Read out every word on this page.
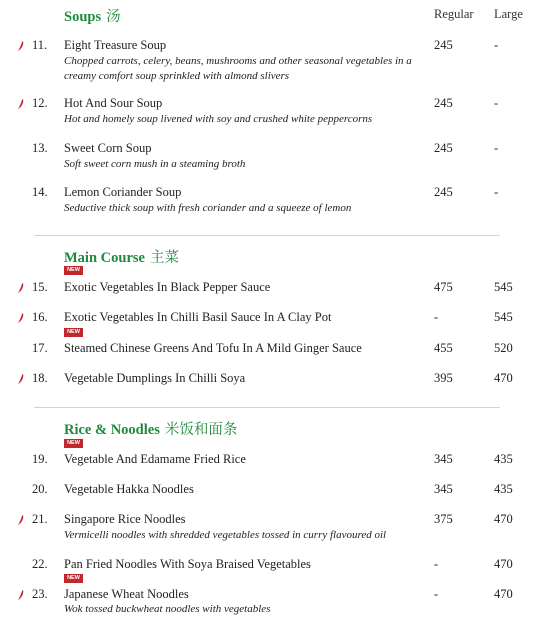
Regular Large
Soups 汤
11. Eight Treasure Soup
Chopped carrots, celery, beans, mushrooms and other seasonal vegetables in a creamy comfort soup sprinkled with almond slivers
245	-
12. Hot And Sour Soup
Hot and homely soup livened with soy and crushed white peppercorns
245	-
13. Sweet Corn Soup
Soft sweet corn mush in a steaming broth
245	-
14. Lemon Coriander Soup
Seductive thick soup with fresh coriander and a squeeze of lemon
245	-
Main Course 主菜
NEW
15. Exotic Vegetables In Black Pepper Sauce	475	545
16. Exotic Vegetables In Chilli Basil Sauce In A Clay Pot	-	545
NEW
17. Steamed Chinese Greens And Tofu In A Mild Ginger Sauce	455	520
18. Vegetable Dumplings In Chilli Soya	395	470
Rice & Noodles 米饭和面条
NEW
19. Vegetable And Edamame Fried Rice	345	435
20. Vegetable Hakka Noodles	345	435
21. Singapore Rice Noodles
Vermicelli noodles with shredded vegetables tossed in curry flavoured oil
375	470
22. Pan Fried Noodles With Soya Braised Vegetables	-	470
NEW
23. Japanese Wheat Noodles
Wok tossed buckwheat noodles with vegetables
-	470
